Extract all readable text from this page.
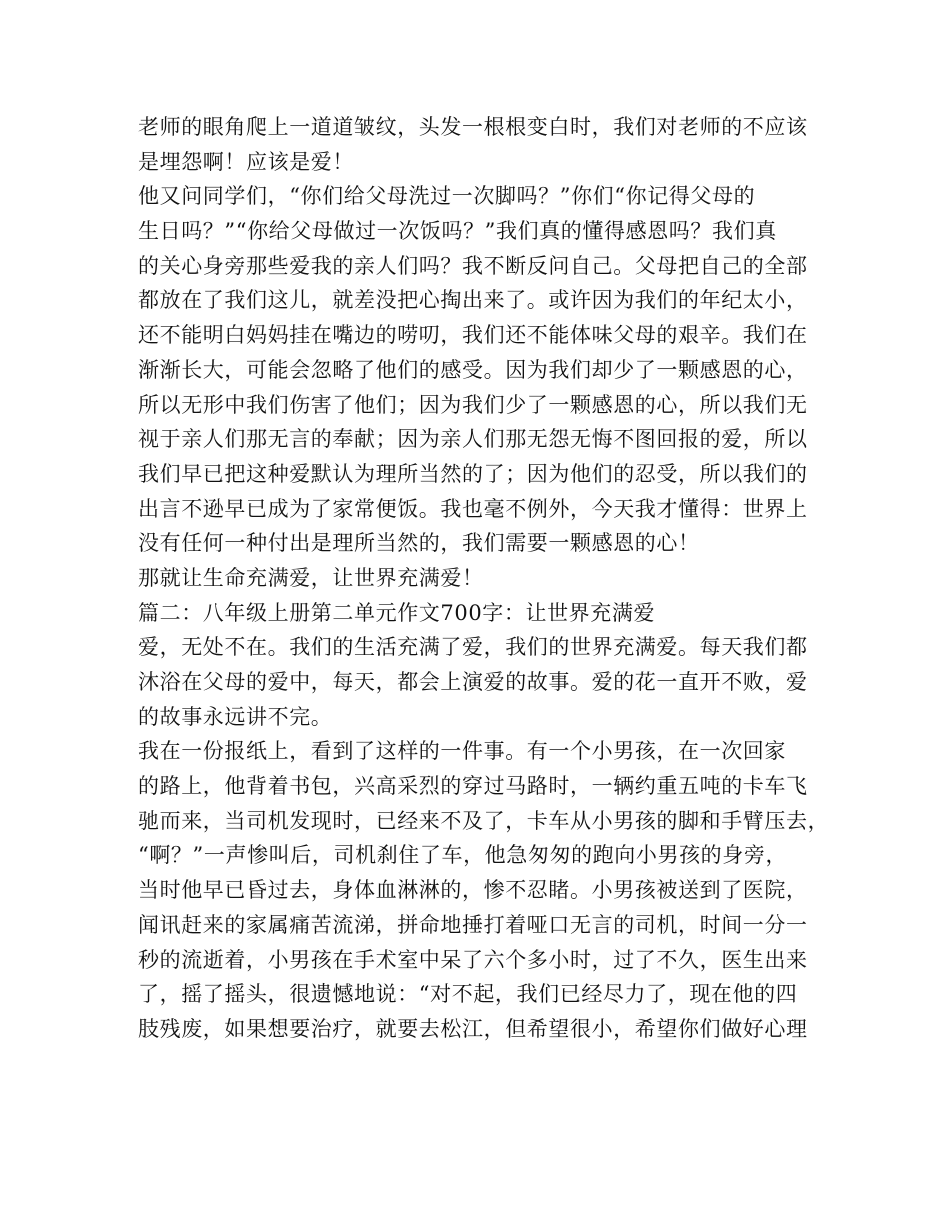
老师的眼角爬上一道道皱纹，头发一根根变白时，我们对老师的不应该
是埋怨啊！应该是爱！
他又问同学们，“你们给父母洗过一次脚吗？”你们“你记得父母的
生日吗？”“你给父母做过一次饭吗？”我们真的懂得感恩吗？我们真
的关心身旁那些爱我的亲人们吗？我不断反问自己。父母把自己的全部
都放在了我们这儿，就差没把心掏出来了。或许因为我们的年纪太小，
还不能明白妈妈挂在嘴边的唠叨，我们还不能体味父母的艰辛。我们在
渐渐长大，可能会忽略了他们的感受。因为我们却少了一颗感恩的心，
所以无形中我们伤害了他们；因为我们少了一颗感恩的心，所以我们无
视于亲人们那无言的奉献；因为亲人们那无怨无悔不图回报的爱，所以
我们早已把这种爱默认为理所当然的了；因为他们的忍受，所以我们的
出言不逊早已成为了家常便饭。我也毫不例外，今天我才懂得：世界上
没有任何一种付出是理所当然的，我们需要一颗感恩的心！
那就让生命充满爱，让世界充满爱！
篇二：八年级上册第二单元作文700字：让世界充满爱
爱，无处不在。我们的生活充满了爱，我们的世界充满爱。每天我们都
沐浴在父母的爱中，每天，都会上演爱的故事。爱的花一直开不败，爱
的故事永远讲不完。
我在一份报纸上，看到了这样的一件事。有一个小男孩，在一次回家
的路上，他背着书包，兴高采烈的穿过马路时，一辆约重五吨的卡车飞
驰而来，当司机发现时，已经来不及了，卡车从小男孩的脚和手臂压去，
“啊？”一声惨叫后，司机刹住了车，他急匆匆的跑向小男孩的身旁，
当时他早已昏过去，身体血淋淋的，惨不忍睹。小男孩被送到了医院，
闻讯赶来的家属痛苦流涕，拼命地捶打着哑口无言的司机，时间一分一
秒的流逝着，小男孩在手术室中呆了六个多小时，过了不久，医生出来
了，摇了摇头，很遗憾地说：“对不起，我们已经尽力了，现在他的四
肢残废，如果想要治疗，就要去松江，但希望很小，希望你们做好心理
